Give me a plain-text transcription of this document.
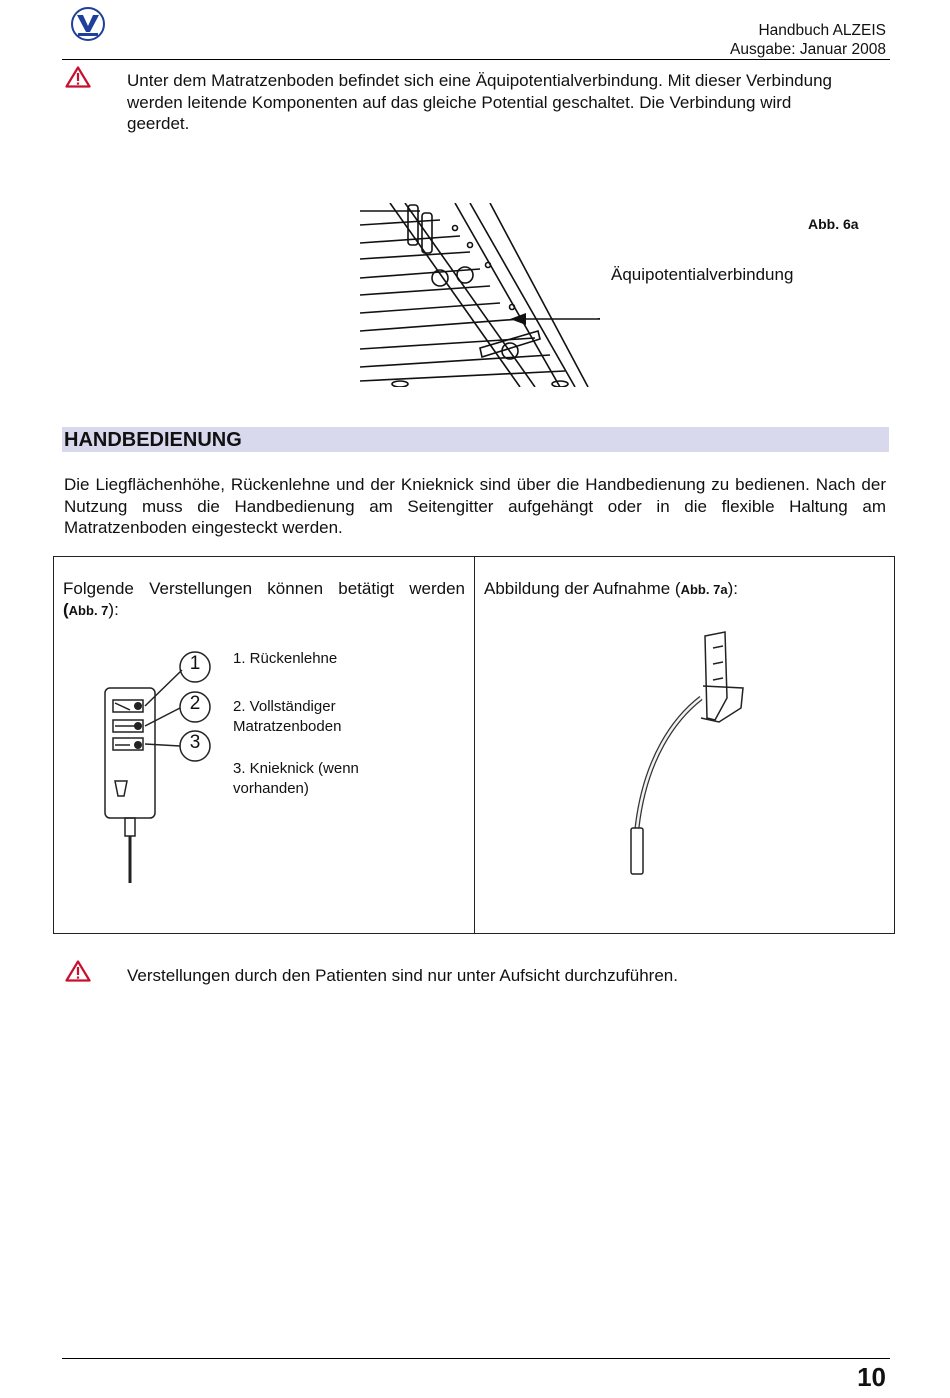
Handbuch ALZEIS
Ausgabe: Januar 2008
Unter dem Matratzenboden befindet sich eine Äquipotentialverbindung. Mit dieser Verbindung
werden leitende Komponenten auf das gleiche Potential geschaltet. Die Verbindung wird
geerdet.
Abb. 6a
Äquipotentialverbindung
HANDBEDIENUNG
Die Liegflächenhöhe, Rückenlehne und der Knieknick sind über die Handbedienung zu bedienen. Nach der Nutzung muss die Handbedienung am Seitengitter aufgehängt oder in die flexible Haltung am Matratzenboden eingesteckt werden.
Folgende Verstellungen können betätigt werden
(Abb. 7):
1
2
3
1. Rückenlehne
2. Vollständiger Matratzenboden
3. Knieknick (wenn vorhanden)
Abbildung der Aufnahme (Abb. 7a):
Verstellungen durch den Patienten sind nur unter Aufsicht durchzuführen.
10
